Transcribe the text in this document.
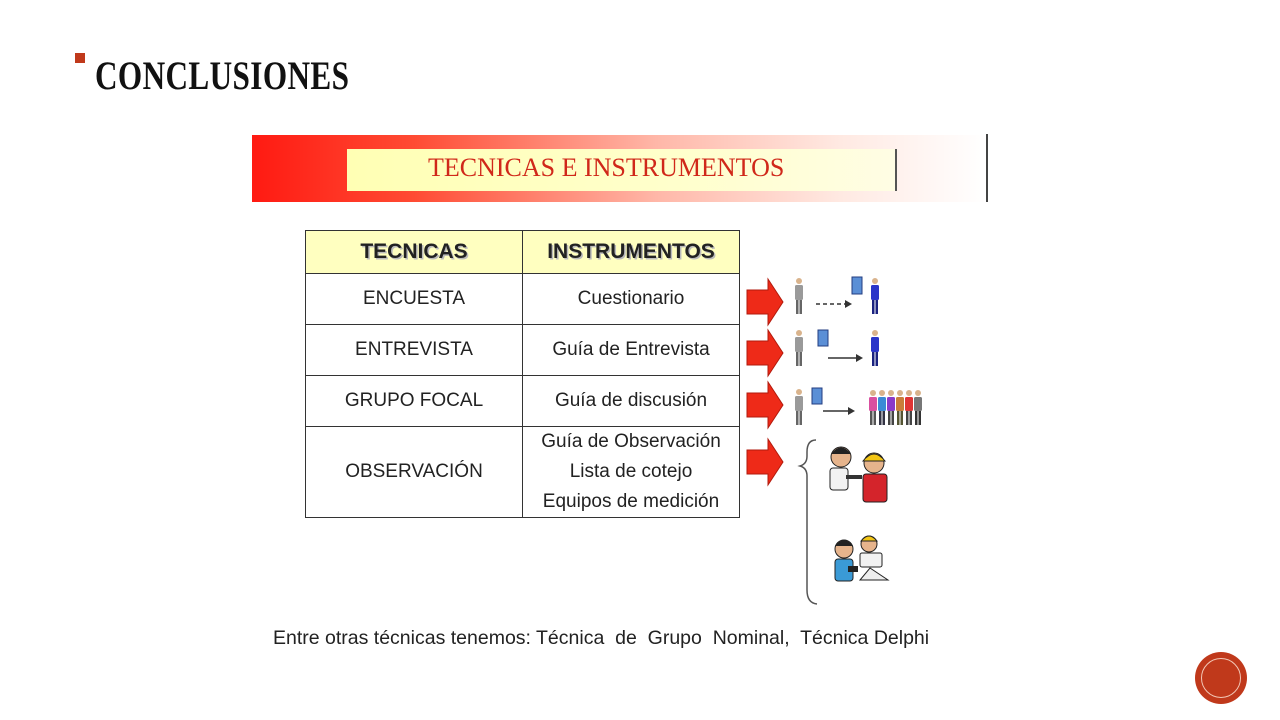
CONCLUSIONES
TECNICAS E INSTRUMENTOS
TECNICAS	INSTRUMENTOS
ENCUESTA	Cuestionario
ENTREVISTA	Guía de Entrevista
GRUPO FOCAL	Guía de discusión
OBSERVACIÓN	Guía de Observación
Lista de cotejo
Equipos de medición
Entre otras técnicas tenemos: Técnica  de  Grupo  Nominal,  Técnica Delphi
